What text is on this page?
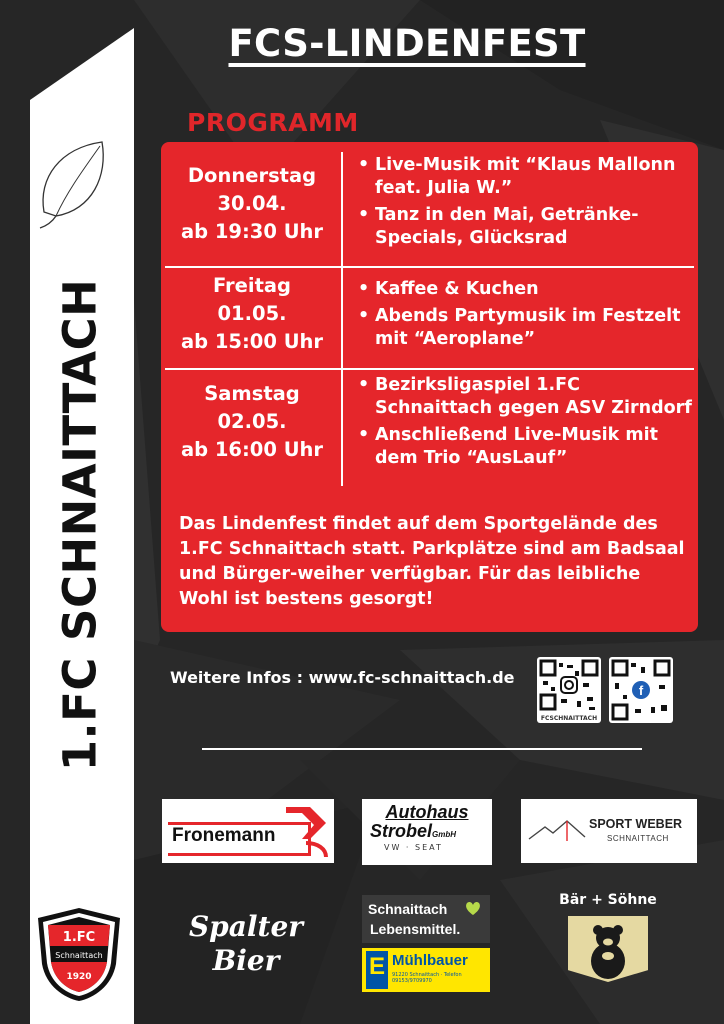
1.FC SCHNAITTACH
1.FC
Schnaittach
1920
FCS-LINDENFEST
PROGRAMM
Donnerstag
30.04.
ab 19:30 Uhr
• Live-Musik mit “Klaus Mallonn feat. Julia W.”
• Tanz in den Mai, Getränke-Specials, Glücksrad
Freitag
01.05.
ab 15:00 Uhr
• Kaffee & Kuchen
• Abends Partymusik im Festzelt mit “Aeroplane”
Samstag
02.05.
ab 16:00 Uhr
• Bezirksligaspiel 1.FC Schnaittach gegen ASV Zirndorf
• Anschließend Live-Musik mit dem Trio “AusLauf”
Das Lindenfest findet auf dem Sportgelände des 1.FC Schnaittach statt. Parkplätze sind am Badsaal und Bürger-weiher verfügbar. Für das leibliche Wohl ist bestens gesorgt!
Weitere Infos : www.fc-schnaittach.de
FCSCHNAITTACH
f
Fronemann
Autohaus
StrobelGmbH
VW · SEAT
SPORT WEBER
SCHNAITTACH
Spalter
Bier
Schnaittach
Lebensmittel.
E Mühlbauer
91220 Schnaittach · Telefon 09153/9709970
Bär + Söhne
